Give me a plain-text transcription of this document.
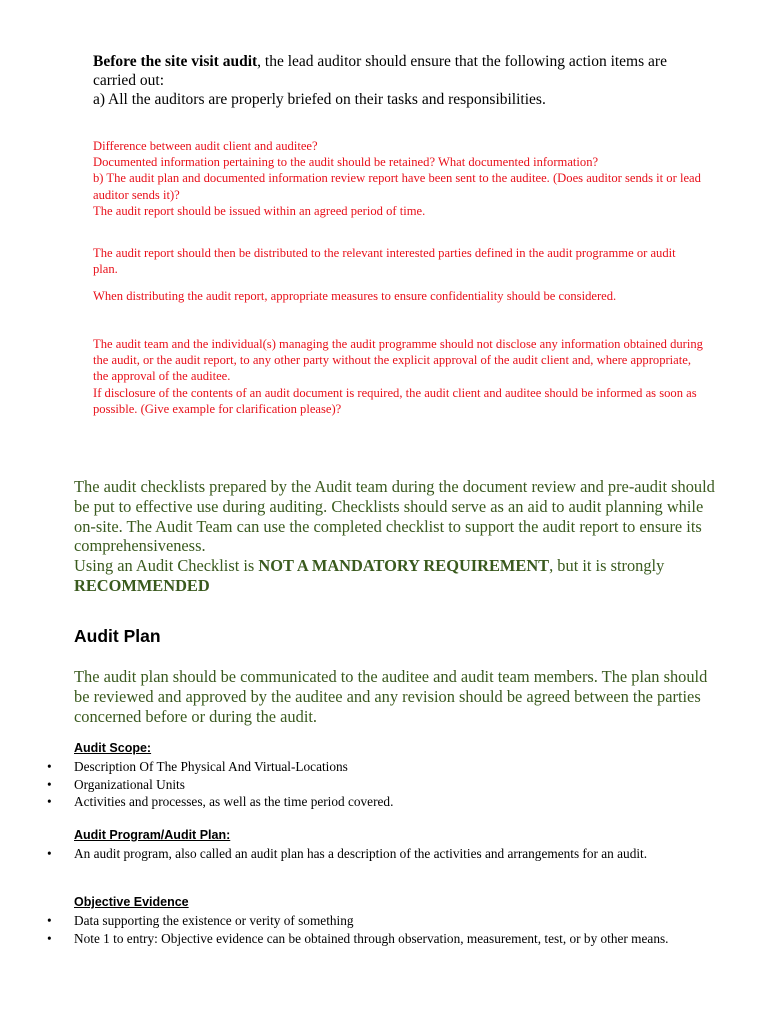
Before the site visit audit, the lead auditor should ensure that the following action items are carried out:

a) All the auditors are properly briefed on their tasks and responsibilities.

Difference between audit client and auditee?

Documented information pertaining to the audit should be retained? What documented information?

b) The audit plan and documented information review report have been sent to the auditee. (Does auditor sends it or lead auditor sends it)?

The audit report should be issued within an agreed period of time.

The audit report should then be distributed to the relevant interested parties defined in the audit programme or audit plan.

When distributing the audit report, appropriate measures to ensure confidentiality should be considered.

The audit team and the individual(s) managing the audit programme should not disclose any information obtained during the audit, or the audit report, to any other party without the explicit approval of the audit client and, where appropriate, the approval of the auditee.

If disclosure of the contents of an audit document is required, the audit client and auditee should be informed as soon as possible. (Give example for clarification please)?

The audit checklists prepared by the Audit team during the document review and pre-audit should be put to effective use during auditing. Checklists should serve as an aid to audit planning while on-site. The Audit Team can use the completed checklist to support the audit report to ensure its comprehensiveness.

Using an Audit Checklist is NOT A MANDATORY REQUIREMENT, but it is strongly RECOMMENDED

Audit Plan

The audit plan should be communicated to the auditee and audit team members. The plan should be reviewed and approved by the auditee and any revision should be agreed between the parties concerned before or during the audit.

Audit Scope:
• Description Of The Physical And Virtual-Locations
• Organizational Units
• Activities and processes, as well as the time period covered.
Audit Program/Audit Plan:
• An audit program, also called an audit plan has a description of the activities and arrangements for an audit.
Objective Evidence
• Data supporting the existence or verity of something
• Note 1 to entry: Objective evidence can be obtained through observation, measurement, test, or by other means.
